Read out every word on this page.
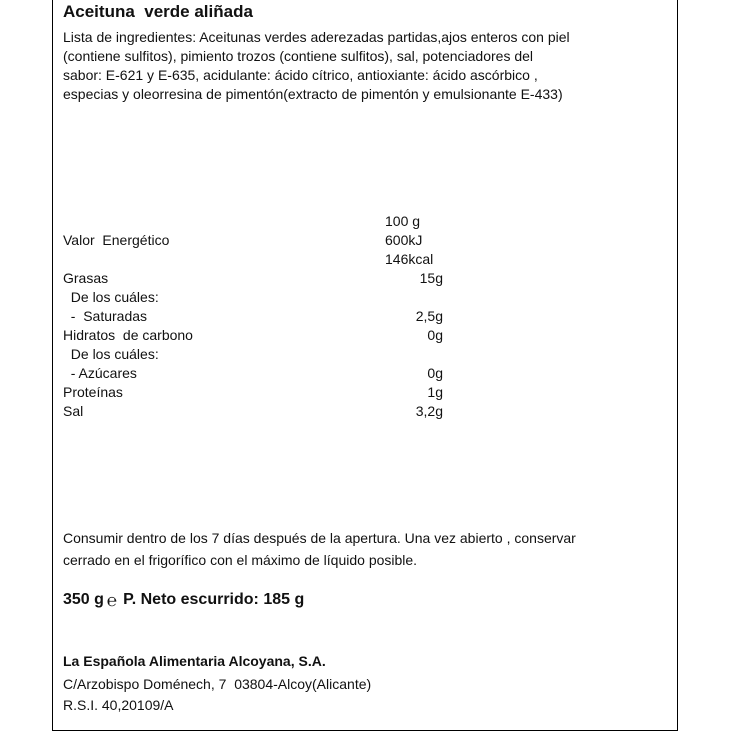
Aceituna  verde aliñada
Lista de ingredientes: Aceitunas verdes aderezadas partidas,ajos enteros con piel
(contiene sulfitos), pimiento trozos (contiene sulfitos), sal, potenciadores del
sabor: E-621 y E-635, acidulante: ácido cítrico, antioxiante: ácido ascórbico ,
especias y oleorresina de pimentón(extracto de pimentón y emulsionante E-433)
100 g
Valor  Energético	600kJ
146kcal
Grasas	15g
De los cuáles:
-  Saturadas	2,5g
Hidratos  de carbono	0g
De los cuáles:
- Azúcares	0g
Proteínas	1g
Sal	3,2g
Consumir dentro de los 7 días después de la apertura. Una vez abierto , conservar
cerrado en el frigorífico con el máximo de líquido posible.
350 g ℮ P. Neto escurrido: 185 g
La Española Alimentaria Alcoyana, S.A.
C/Arzobispo Doménech, 7  03804-Alcoy(Alicante)
R.S.I. 40,20109/A
